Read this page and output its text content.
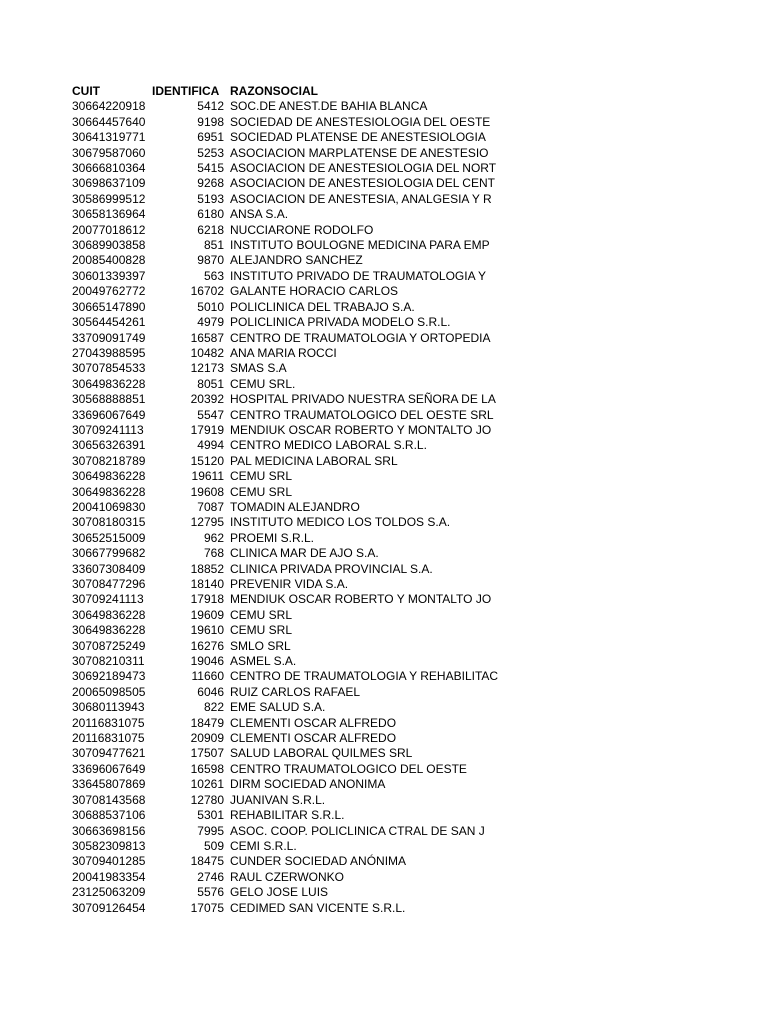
CUIT	IDENTIFICA RAZONSOCIAL
30664220918	5412 SOC.DE ANEST.DE BAHIA BLANCA
30664457640	9198 SOCIEDAD DE ANESTESIOLOGIA DEL OESTE
30641319771	6951 SOCIEDAD PLATENSE DE ANESTESIOLOGIA
30679587060	5253 ASOCIACION MARPLATENSE DE ANESTESIO
30666810364	5415 ASOCIACION DE ANESTESIOLOGIA DEL NORT
30698637109	9268 ASOCIACION DE ANESTESIOLOGIA DEL CENT
30586999512	5193 ASOCIACION DE ANESTESIA, ANALGESIA Y R
30658136964	6180 ANSA S.A.
20077018612	6218 NUCCIARONE RODOLFO
30689903858	851 INSTITUTO BOULOGNE MEDICINA PARA EMP
20085400828	9870 ALEJANDRO SANCHEZ
30601339397	563 INSTITUTO PRIVADO DE TRAUMATOLOGIA Y
20049762772	16702 GALANTE HORACIO CARLOS
30665147890	5010 POLICLINICA DEL TRABAJO S.A.
30564454261	4979 POLICLINICA PRIVADA MODELO S.R.L.
33709091749	16587 CENTRO DE TRAUMATOLOGIA Y ORTOPEDIA
27043988595	10482 ANA MARIA ROCCI
30707854533	12173 SMAS S.A
30649836228	8051 CEMU SRL.
30568888851	20392 HOSPITAL PRIVADO NUESTRA SEÑORA DE LA
33696067649	5547 CENTRO TRAUMATOLOGICO DEL OESTE SRL
30709241113	17919 MENDIUK OSCAR ROBERTO Y MONTALTO JO
30656326391	4994 CENTRO MEDICO LABORAL S.R.L.
30708218789	15120 PAL MEDICINA LABORAL SRL
30649836228	19611 CEMU SRL
30649836228	19608 CEMU SRL
20041069830	7087 TOMADIN ALEJANDRO
30708180315	12795 INSTITUTO MEDICO LOS TOLDOS S.A.
30652515009	962 PROEMI S.R.L.
30667799682	768 CLINICA MAR DE AJO S.A.
33607308409	18852 CLINICA PRIVADA PROVINCIAL S.A.
30708477296	18140 PREVENIR VIDA S.A.
30709241113	17918 MENDIUK OSCAR ROBERTO Y MONTALTO JO
30649836228	19609 CEMU SRL
30649836228	19610 CEMU SRL
30708725249	16276 SMLO SRL
30708210311	19046 ASMEL S.A.
30692189473	11660 CENTRO DE TRAUMATOLOGIA Y REHABILITAC
20065098505	6046 RUIZ CARLOS RAFAEL
30680113943	822 EME SALUD S.A.
20116831075	18479 CLEMENTI OSCAR ALFREDO
20116831075	20909 CLEMENTI OSCAR ALFREDO
30709477621	17507 SALUD LABORAL QUILMES SRL
33696067649	16598 CENTRO TRAUMATOLOGICO DEL OESTE
33645807869	10261 DIRM SOCIEDAD ANONIMA
30708143568	12780 JUANIVAN S.R.L.
30688537106	5301 REHABILITAR S.R.L.
30663698156	7995 ASOC. COOP. POLICLINICA CTRAL DE SAN J
30582309813	509 CEMI S.R.L.
30709401285	18475 CUNDER SOCIEDAD ANÓNIMA
20041983354	2746 RAUL CZERWONKO
23125063209	5576 GELO JOSE LUIS
30709126454	17075 CEDIMED SAN VICENTE S.R.L.
